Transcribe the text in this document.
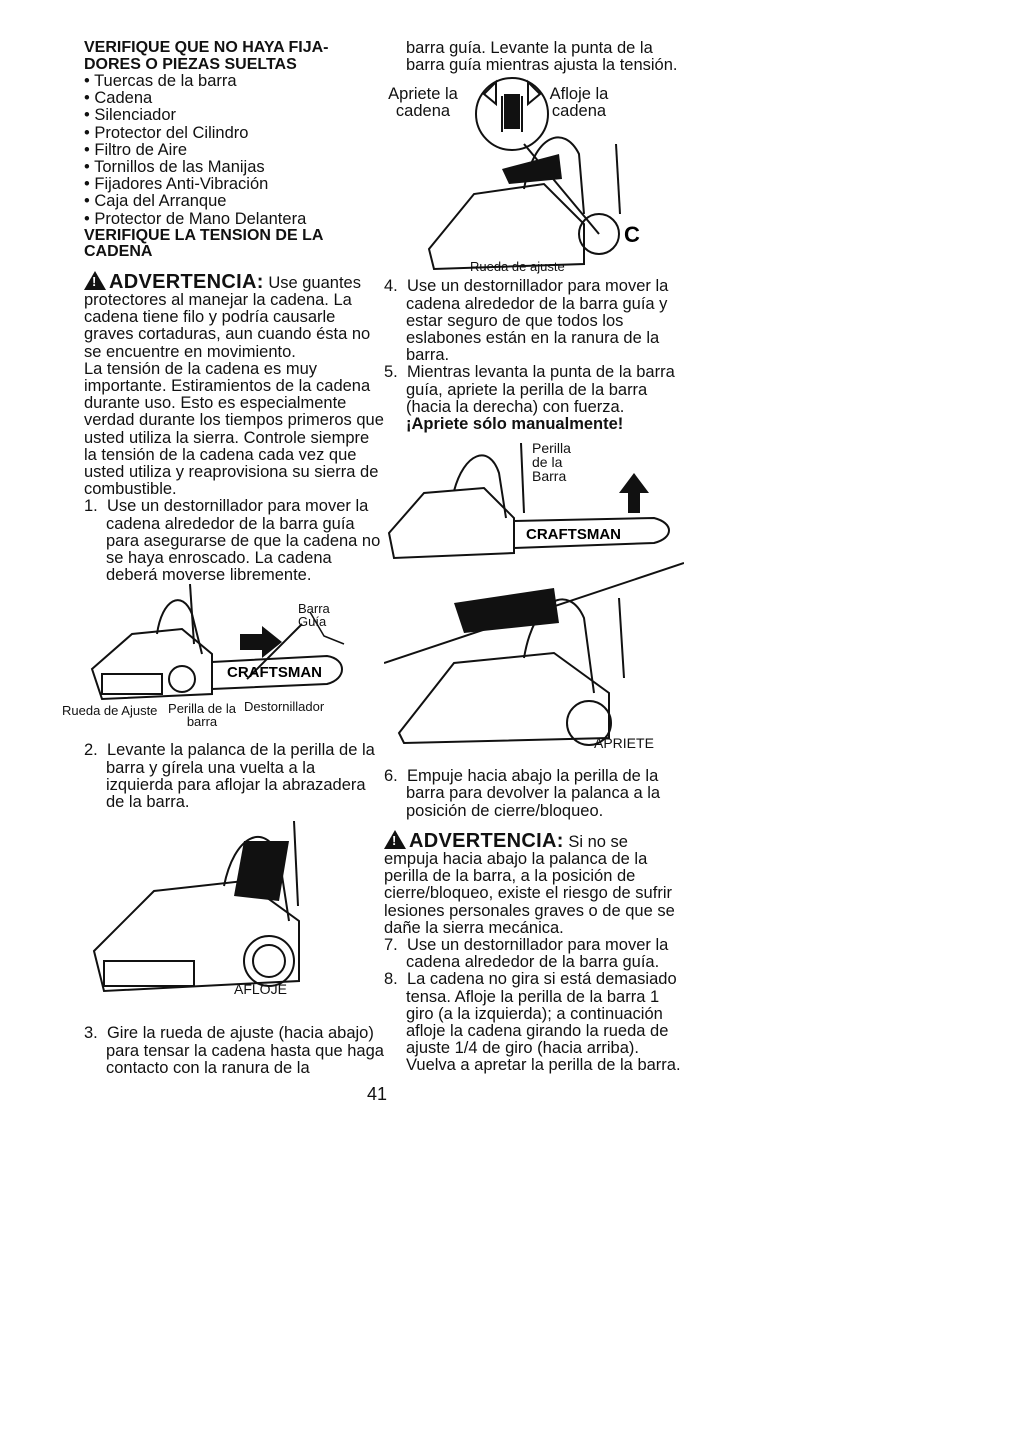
VERIFIQUE QUE NO HAYA FIJA-DORES O PIEZAS SUELTAS
• Tuercas de la barra
• Cadena
• Silenciador
• Protector del Cilindro
• Filtro de Aire
• Tornillos de las Manijas
• Fijadores Anti-Vibración
• Caja del Arranque
• Protector de Mano Delantera
VERIFIQUE LA TENSION DE LA CADENA
!ADVERTENCIA: Use guantes protectores al manejar la cadena. La cadena tiene filo y podría causarle graves cortaduras, aun cuando ésta no se encuentre en movimiento.
La tensión de la cadena es muy importante. Estiramientos de la cadena durante uso. Esto es especialmente verdad durante los tiempos primeros que usted utiliza la sierra. Controle siempre la tensión de la cadena cada vez que usted utiliza y reaprovisiona su sierra de combustible.
1. Use un destornillador para mover la cadena alrededor de la barra guía para asegurarse de que la cadena no se haya enroscado. La cadena deberá moverse libremente.
CRAFTSMAN
Barra Guía
Rueda de Ajuste Perilla de la barra
Destornillador
2. Levante la palanca de la perilla de la barra y gírela una vuelta a la izquierda para aflojar la abrazadera de la barra.
AFLOJE
3. Gire la rueda de ajuste (hacia abajo) para tensar la cadena hasta que haga contacto con la ranura de la
barra guía. Levante la punta de la barra guía mientras ajusta la tensión.
C
Apriete la cadena
Afloje la cadena
Rueda de ajuste
4. Use un destornillador para mover la cadena alrededor de la barra guía y estar seguro de que todos los eslabones están en la ranura de la barra.
5. Mientras levanta la punta de la barra guía, apriete la perilla de la barra (hacia la derecha) con fuerza.
¡Apriete sólo manualmente!
CRAFTSMAN
Perilla de la Barra
APRIETE
6. Empuje hacia abajo la perilla de la barra para devolver la palanca a la posición de cierre/bloqueo.
!ADVERTENCIA: Si no se empuja hacia abajo la palanca de la perilla de la barra, a la posición de cierre/bloqueo, existe el riesgo de sufrir lesiones personales graves o de que se dañe la sierra mecánica.
7. Use un destornillador para mover la cadena alrededor de la barra guía.
8. La cadena no gira si está demasiado tensa. Afloje la perilla de la barra 1 giro (a la izquierda); a continuación afloje la cadena girando la rueda de ajuste 1/4 de giro (hacia arriba). Vuelva a apretar la perilla de la barra.
41
